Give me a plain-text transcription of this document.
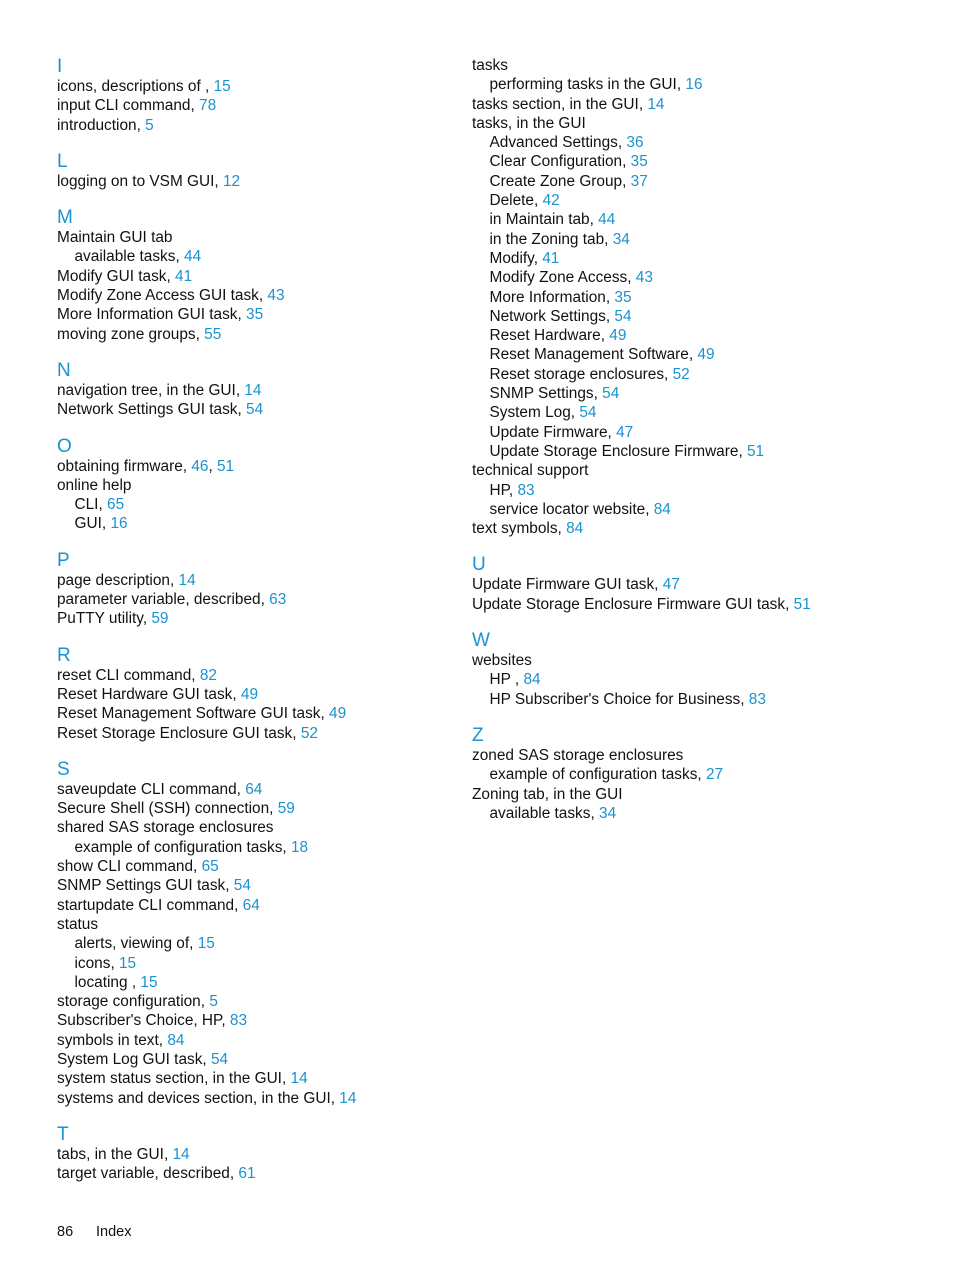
I
icons, descriptions of , 15
input CLI command, 78
introduction, 5
L
logging on to VSM GUI, 12
M
Maintain GUI tab
available tasks, 44
Modify GUI task, 41
Modify Zone Access GUI task, 43
More Information GUI task, 35
moving zone groups, 55
N
navigation tree, in the GUI, 14
Network Settings GUI task, 54
O
obtaining firmware, 46, 51
online help
CLI, 65
GUI, 16
P
page description, 14
parameter variable, described, 63
PuTTY utility, 59
R
reset CLI command, 82
Reset Hardware GUI task, 49
Reset Management Software GUI task, 49
Reset Storage Enclosure GUI task, 52
S
saveupdate CLI command, 64
Secure Shell (SSH) connection, 59
shared SAS storage enclosures
example of configuration tasks, 18
show CLI command, 65
SNMP Settings GUI task, 54
startupdate CLI command, 64
status
alerts, viewing of, 15
icons, 15
locating , 15
storage configuration, 5
Subscriber's Choice, HP, 83
symbols in text, 84
System Log GUI task, 54
system status section, in the GUI, 14
systems and devices section, in the GUI, 14
T
tabs, in the GUI, 14
target variable, described, 61
tasks
performing tasks in the GUI, 16
tasks section, in the GUI, 14
tasks, in the GUI
Advanced Settings, 36
Clear Configuration, 35
Create Zone Group, 37
Delete, 42
in Maintain tab, 44
in the Zoning tab, 34
Modify, 41
Modify Zone Access, 43
More Information, 35
Network Settings, 54
Reset Hardware, 49
Reset Management Software, 49
Reset storage enclosures, 52
SNMP Settings, 54
System Log, 54
Update Firmware, 47
Update Storage Enclosure Firmware, 51
technical support
HP, 83
service locator website, 84
text symbols, 84
U
Update Firmware GUI task, 47
Update Storage Enclosure Firmware GUI task, 51
W
websites
HP , 84
HP Subscriber's Choice for Business, 83
Z
zoned SAS storage enclosures
example of configuration tasks, 27
Zoning tab, in the GUI
available tasks, 34
86 Index
